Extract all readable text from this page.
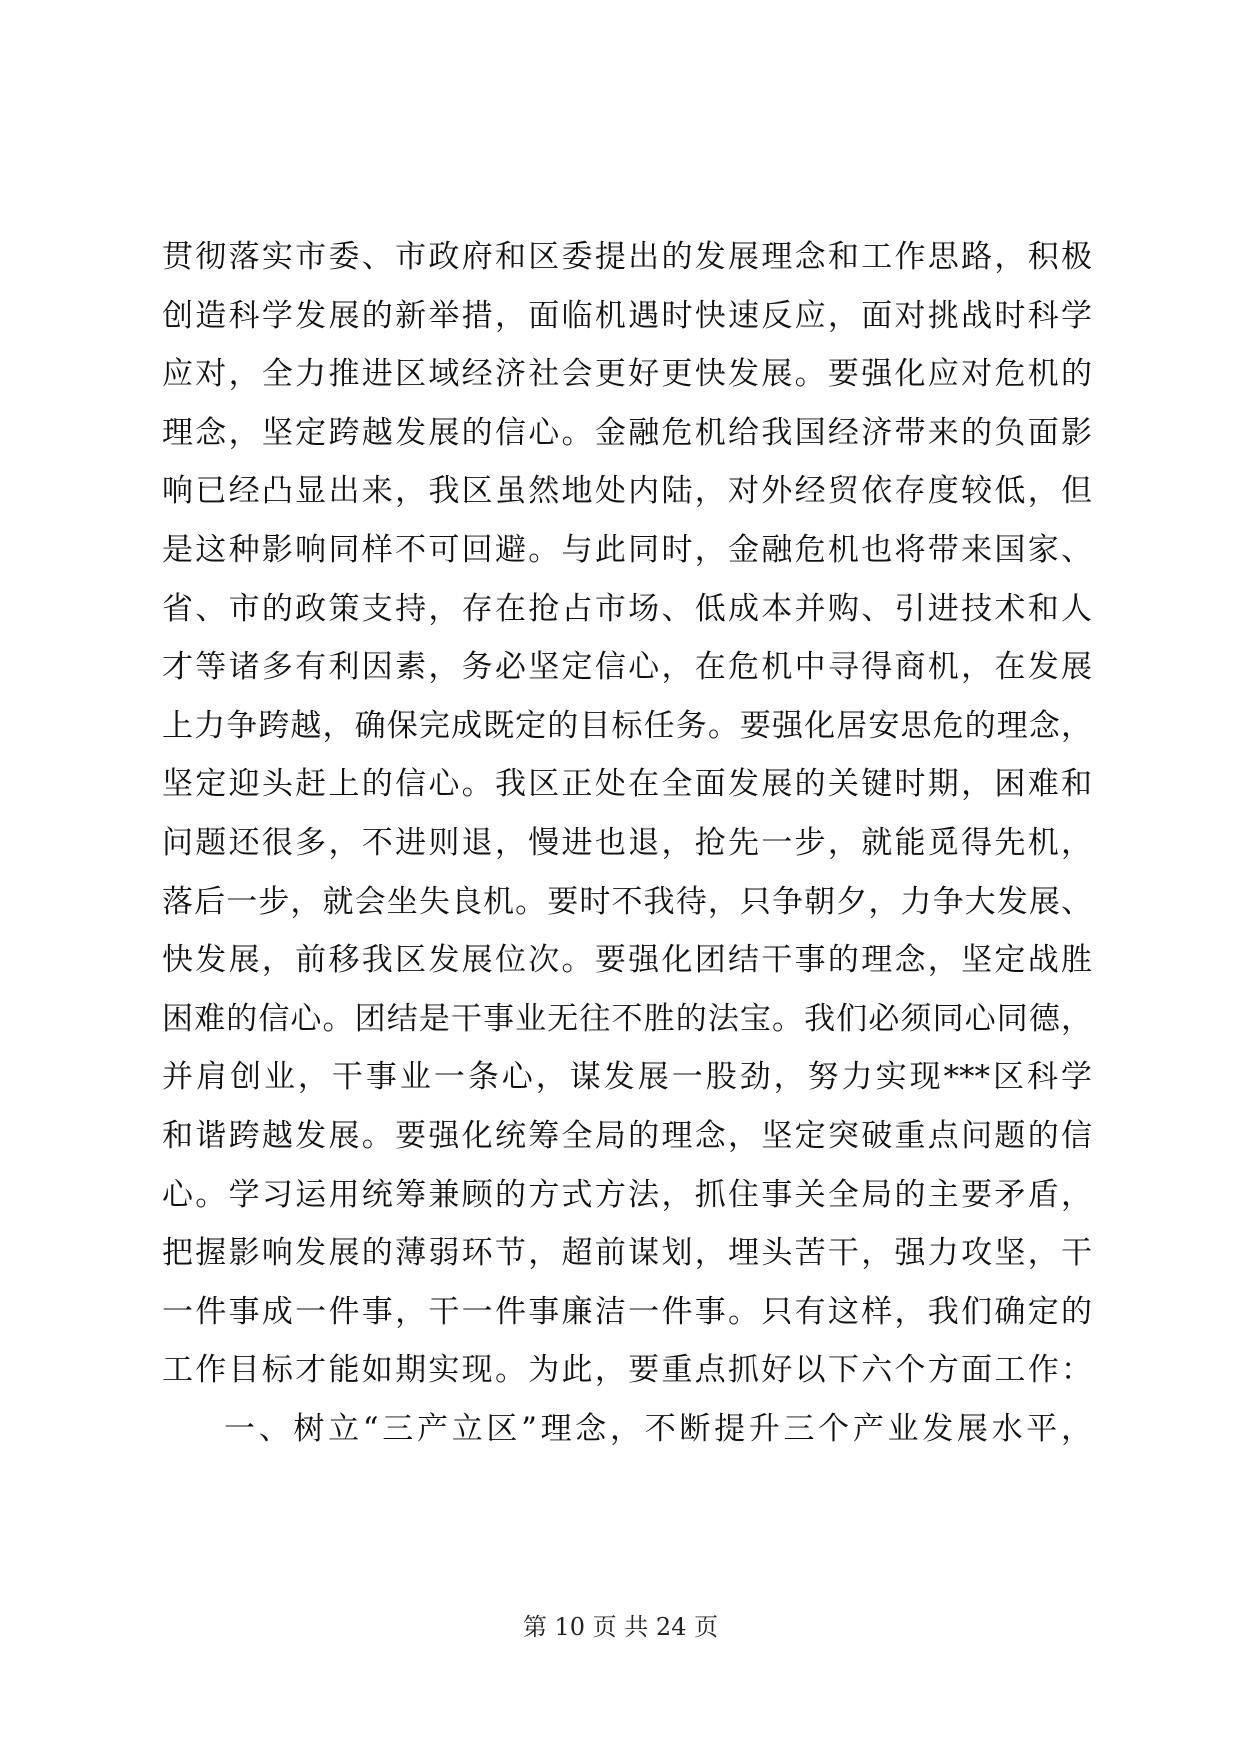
贯彻落实市委、市政府和区委提出的发展理念和工作思路，积极
创造科学发展的新举措，面临机遇时快速反应，面对挑战时科学
应对，全力推进区域经济社会更好更快发展。要强化应对危机的
理念，坚定跨越发展的信心。金融危机给我国经济带来的负面影
响已经凸显出来，我区虽然地处内陆，对外经贸依存度较低，但
是这种影响同样不可回避。与此同时，金融危机也将带来国家、
省、市的政策支持，存在抢占市场、低成本并购、引进技术和人
才等诸多有利因素，务必坚定信心，在危机中寻得商机，在发展
上力争跨越，确保完成既定的目标任务。要强化居安思危的理念，
坚定迎头赶上的信心。我区正处在全面发展的关键时期，困难和
问题还很多，不进则退，慢进也退，抢先一步，就能觅得先机，
落后一步，就会坐失良机。要时不我待，只争朝夕，力争大发展、
快发展，前移我区发展位次。要强化团结干事的理念，坚定战胜
困难的信心。团结是干事业无往不胜的法宝。我们必须同心同德，
并肩创业，干事业一条心，谋发展一股劲，努力实现***区科学
和谐跨越发展。要强化统筹全局的理念，坚定突破重点问题的信
心。学习运用统筹兼顾的方式方法，抓住事关全局的主要矛盾，
把握影响发展的薄弱环节，超前谋划，埋头苦干，强力攻坚，干
一件事成一件事，干一件事廉洁一件事。只有这样，我们确定的
工作目标才能如期实现。为此，要重点抓好以下六个方面工作：
一、树立“三产立区”理念，不断提升三个产业发展水平，
第 10 页 共 24 页
